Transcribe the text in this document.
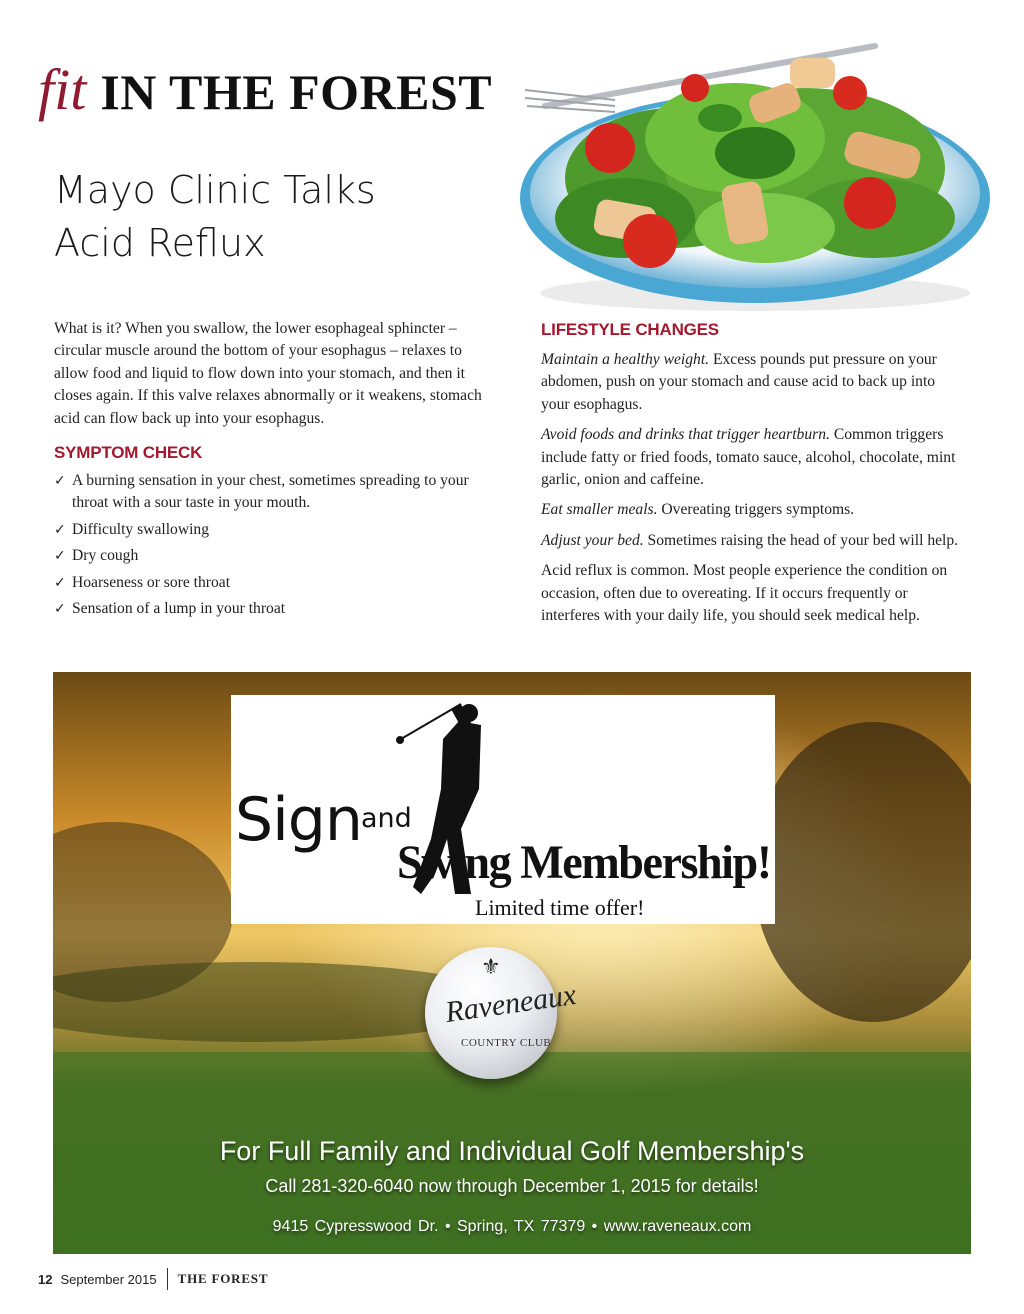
fit IN THE FOREST
Mayo Clinic Talks
Acid Reflux
What is it? When you swallow, the lower esophageal sphincter – circular muscle around the bottom of your esophagus – relaxes to allow food and liquid to flow down into your stomach, and then it closes again. If this valve relaxes abnormally or it weakens, stomach acid can flow back up into your esophagus.
SYMPTOM CHECK
✓ A burning sensation in your chest, sometimes spreading to your throat with a sour taste in your mouth.
✓ Difficulty swallowing
✓ Dry cough
✓ Hoarseness or sore throat
✓ Sensation of a lump in your throat
LIFESTYLE CHANGES

Maintain a healthy weight. Excess pounds put pressure on your abdomen, push on your stomach and cause acid to back up into your esophagus.

Avoid foods and drinks that trigger heartburn. Common triggers include fatty or fried foods, tomato sauce, alcohol, chocolate, mint garlic, onion and caffeine.

Eat smaller meals. Overeating triggers symptoms.

Adjust your bed. Sometimes raising the head of your bed will help.

Acid reflux is common. Most people experience the condition on occasion, often due to overeating. If it occurs frequently or interferes with your daily life, you should seek medical help.

Sign and
Swing Membership!
Limited time offer!
⚜
Raveneaux
COUNTRY CLUB
For Full Family and Individual Golf Membership's
Call 281-320-6040 now through December 1, 2015 for details!
9415 Cypresswood Dr. • Spring, TX 77379 • www.raveneaux.com
12 September 2015 THE FOREST
